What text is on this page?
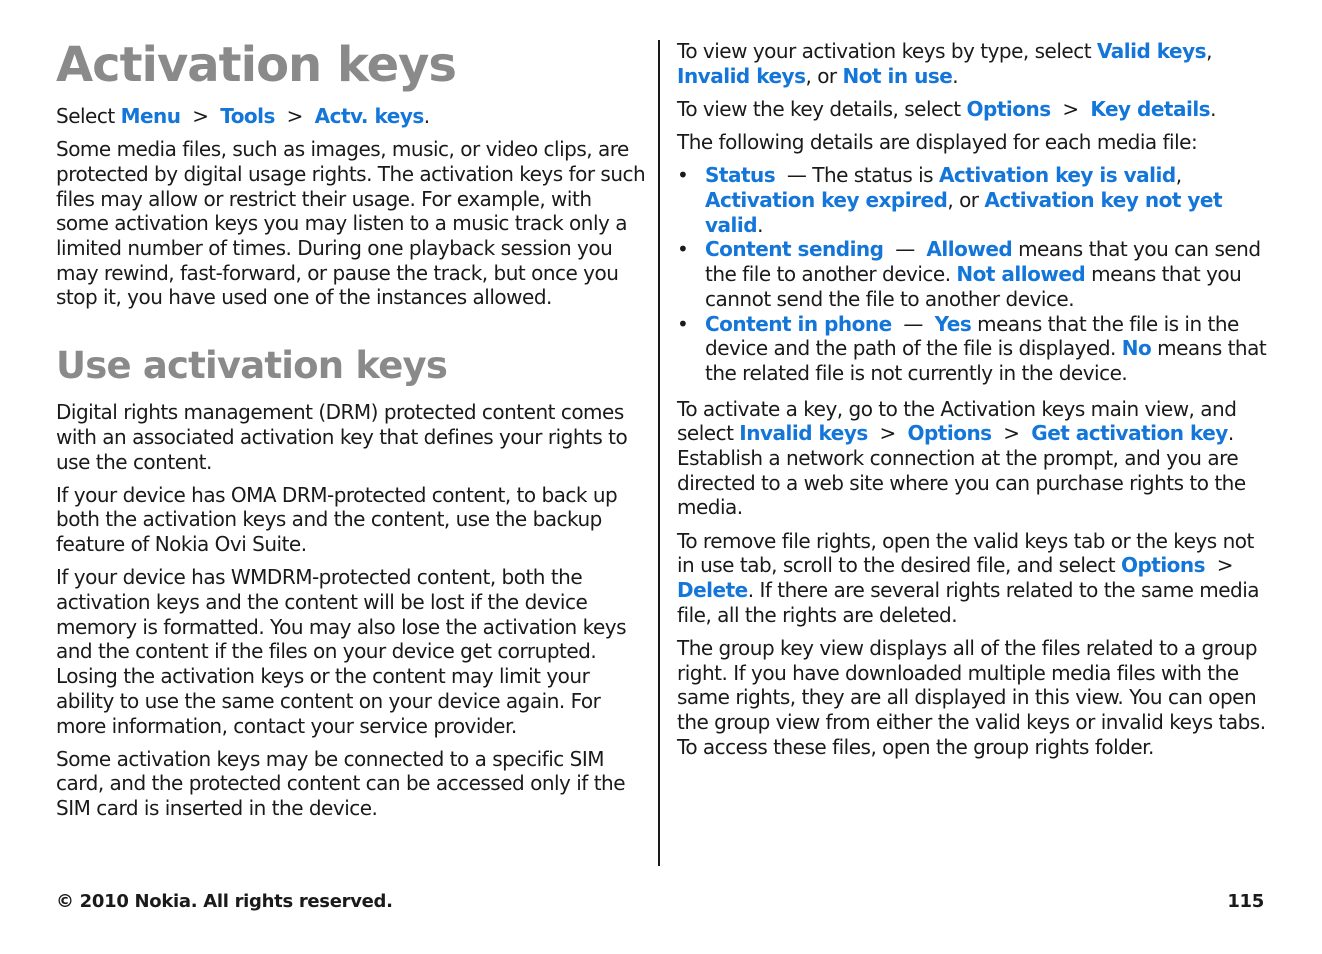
Activation keys

Select Menu  >  Tools  >  Actv. keys.

Some media files, such as images, music, or video clips, are protected by digital usage rights. The activation keys for such files may allow or restrict their usage. For example, with some activation keys you may listen to a music track only a limited number of times. During one playback session you may rewind, fast-forward, or pause the track, but once you stop it, you have used one of the instances allowed.

Use activation keys

Digital rights management (DRM) protected content comes with an associated activation key that defines your rights to use the content.

If your device has OMA DRM-protected content, to back up both the activation keys and the content, use the backup feature of Nokia Ovi Suite.

If your device has WMDRM-protected content, both the activation keys and the content will be lost if the device memory is formatted. You may also lose the activation keys and the content if the files on your device get corrupted. Losing the activation keys or the content may limit your ability to use the same content on your device again. For more information, contact your service provider.

Some activation keys may be connected to a specific SIM card, and the protected content can be accessed only if the SIM card is inserted in the device.

To view your activation keys by type, select Valid keys, Invalid keys, or Not in use.

To view the key details, select Options  >  Key details.

The following details are displayed for each media file:

• Status — The status is Activation key is valid, Activation key expired, or Activation key not yet valid.
• Content sending  —  Allowed means that you can send the file to another device. Not allowed means that you cannot send the file to another device.
• Content in phone  —  Yes means that the file is in the device and the path of the file is displayed. No means that the related file is not currently in the device.

To activate a key, go to the Activation keys main view, and select Invalid keys  >  Options  >  Get activation key. Establish a network connection at the prompt, and you are directed to a web site where you can purchase rights to the media.

To remove file rights, open the valid keys tab or the keys not in use tab, scroll to the desired file, and select Options  > Delete. If there are several rights related to the same media file, all the rights are deleted.

The group key view displays all of the files related to a group right. If you have downloaded multiple media files with the same rights, they are all displayed in this view. You can open the group view from either the valid keys or invalid keys tabs. To access these files, open the group rights folder.

© 2010 Nokia. All rights reserved.	115
